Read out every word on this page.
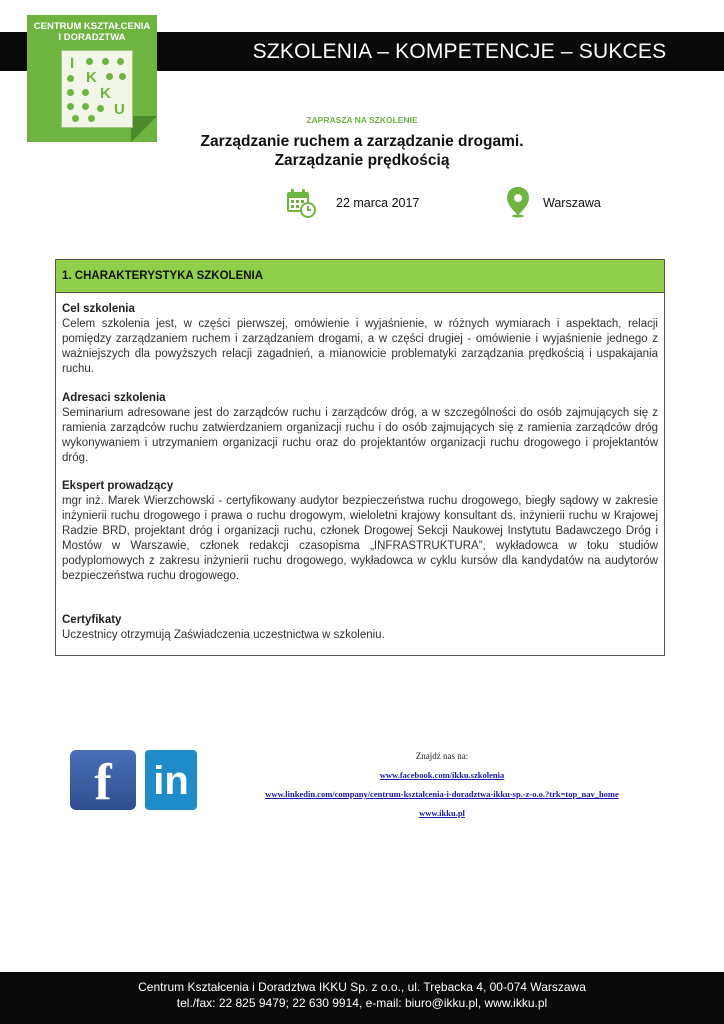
SZKOLENIA – KOMPETENCJE – SUKCES
CENTRUM KSZTAŁCENIA
I DORADZTWA
I
K
K
U
ZAPRASZA NA SZKOLENIE
Zarządzanie ruchem a zarządzanie drogami.
Zarządzanie prędkością
22 marca 2017	Warszawa
1. CHARAKTERYSTYKA SZKOLENIA
Cel szkolenia

Celem szkolenia jest, w części pierwszej, omówienie i wyjaśnienie, w różnych wymiarach i aspektach, relacji pomiędzy zarządzaniem ruchem i zarządzaniem drogami, a w części drugiej - omówienie i wyjaśnienie jednego z ważniejszych dla powyższych relacji zagadnień, a mianowicie problematyki zarządzania prędkością i uspakajania ruchu.

Adresaci szkolenia

Seminarium adresowane jest do zarządców ruchu i zarządców dróg, a w szczególności do osób zajmujących się z ramienia zarządców ruchu zatwierdzaniem organizacji ruchu i do osób zajmujących się z ramienia zarządców dróg wykonywaniem i utrzymaniem organizacji ruchu oraz do projektantów organizacji ruchu drogowego i projektantów dróg.

Ekspert prowadzący

mgr inż. Marek Wierzchowski - certyfikowany audytor bezpieczeństwa ruchu drogowego, biegły sądowy w zakresie inżynierii ruchu drogowego i prawa o ruchu drogowym, wieloletni krajowy konsultant ds. inżynierii ruchu w Krajowej Radzie BRD, projektant dróg i organizacji ruchu, członek Drogowej Sekcji Naukowej Instytutu Badawczego Dróg i Mostów w Warszawie, członek redakcji czasopisma „INFRASTRUKTURA”, wykładowca w toku studiów podyplomowych z zakresu inżynierii ruchu drogowego, wykładowca w cyklu kursów dla kandydatów na audytorów bezpieczeństwa ruchu drogowego.

Certyfikaty

Uczestnicy otrzymują Zaświadczenia uczestnictwa w szkoleniu.

f	in
Znajdź nas na:
www.facebook.com/ikku.szkolenia
www.linkedin.com/company/centrum-kształcenia-i-doradztwa-ikku-sp.-z-o.o.?trk=top_nav_home
www.ikku.pl
Centrum Kształcenia i Doradztwa IKKU Sp. z o.o., ul. Trębacka 4, 00-074 Warszawa
tel./fax: 22 825 9479; 22 630 9914, e-mail: biuro@ikku.pl, www.ikku.pl
